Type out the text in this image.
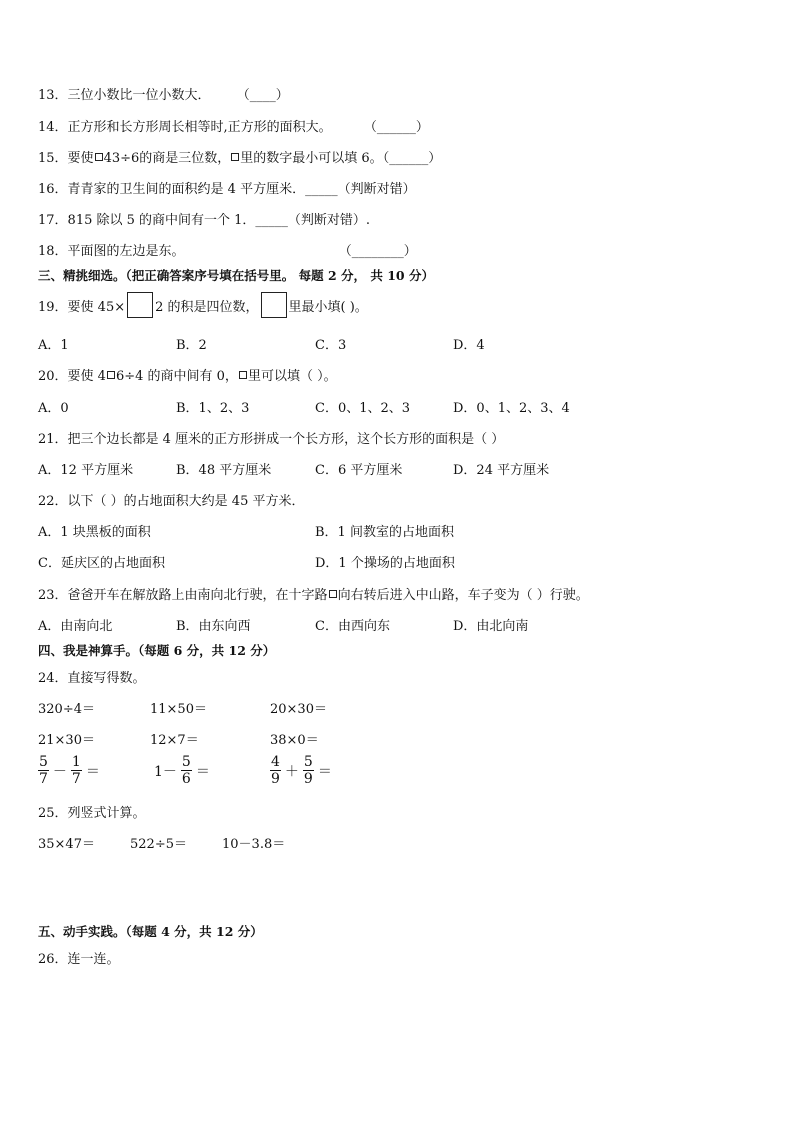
13．三位小数比一位小数大． （____）
14．正方形和长方形周长相等时,正方形的面积大。 （______）
15．要使 43÷6的商是三位数， 里的数字最小可以填 6。（______）
16．青青家的卫生间的面积约是 4 平方厘米．_____（判断对错）
17．815 除以 5 的商中间有一个 1．_____（判断对错）.
18．平面图的左边是东。	（________）
三、精挑细选。（把正确答案序号填在括号里。 每题 2 分， 共 10 分）
19． 要使 45× 2 的积是四位数， 里最小填( )。
A．1	B．2	C．3	D．4
20．要使 4 6÷4 的商中间有 0， 里可以填（ ）。
A．0	B．1、2、3	C．0、1、2、3	D．0、1、2、3、4
21．把三个边长都是 4 厘米的正方形拼成一个长方形，这个长方形的面积是（ ）
A．12 平方厘米	B．48 平方厘米	C．6 平方厘米	D．24 平方厘米
22．以下（ ）的占地面积大约是 45 平方米．
A．1 块黑板的面积	B．1 间教室的占地面积
C．延庆区的占地面积	D．1 个操场的占地面积
23．爸爸开车在解放路上由南向北行驶，在十字路 向右转后进入中山路，车子变为（ ）行驶。
A．由南向北	B．由东向西	C．由西向东	D．由北向南
四、我是神算手。（每题 6 分，共 12 分）
24．直接写得数。
320÷4＝	11×50＝	20×30＝
21×30＝	12×7＝	38×0＝
$\frac{5}{7} - \frac{1}{7}$ ＝	$1- \frac{5}{6}$ ＝	$\frac{4}{9} + \frac{5}{9}$ ＝
25．列竖式计算。
35×47＝	522÷5＝	10－3.8＝
五、动手实践。（每题 4 分，共 12 分）
26．连一连。
